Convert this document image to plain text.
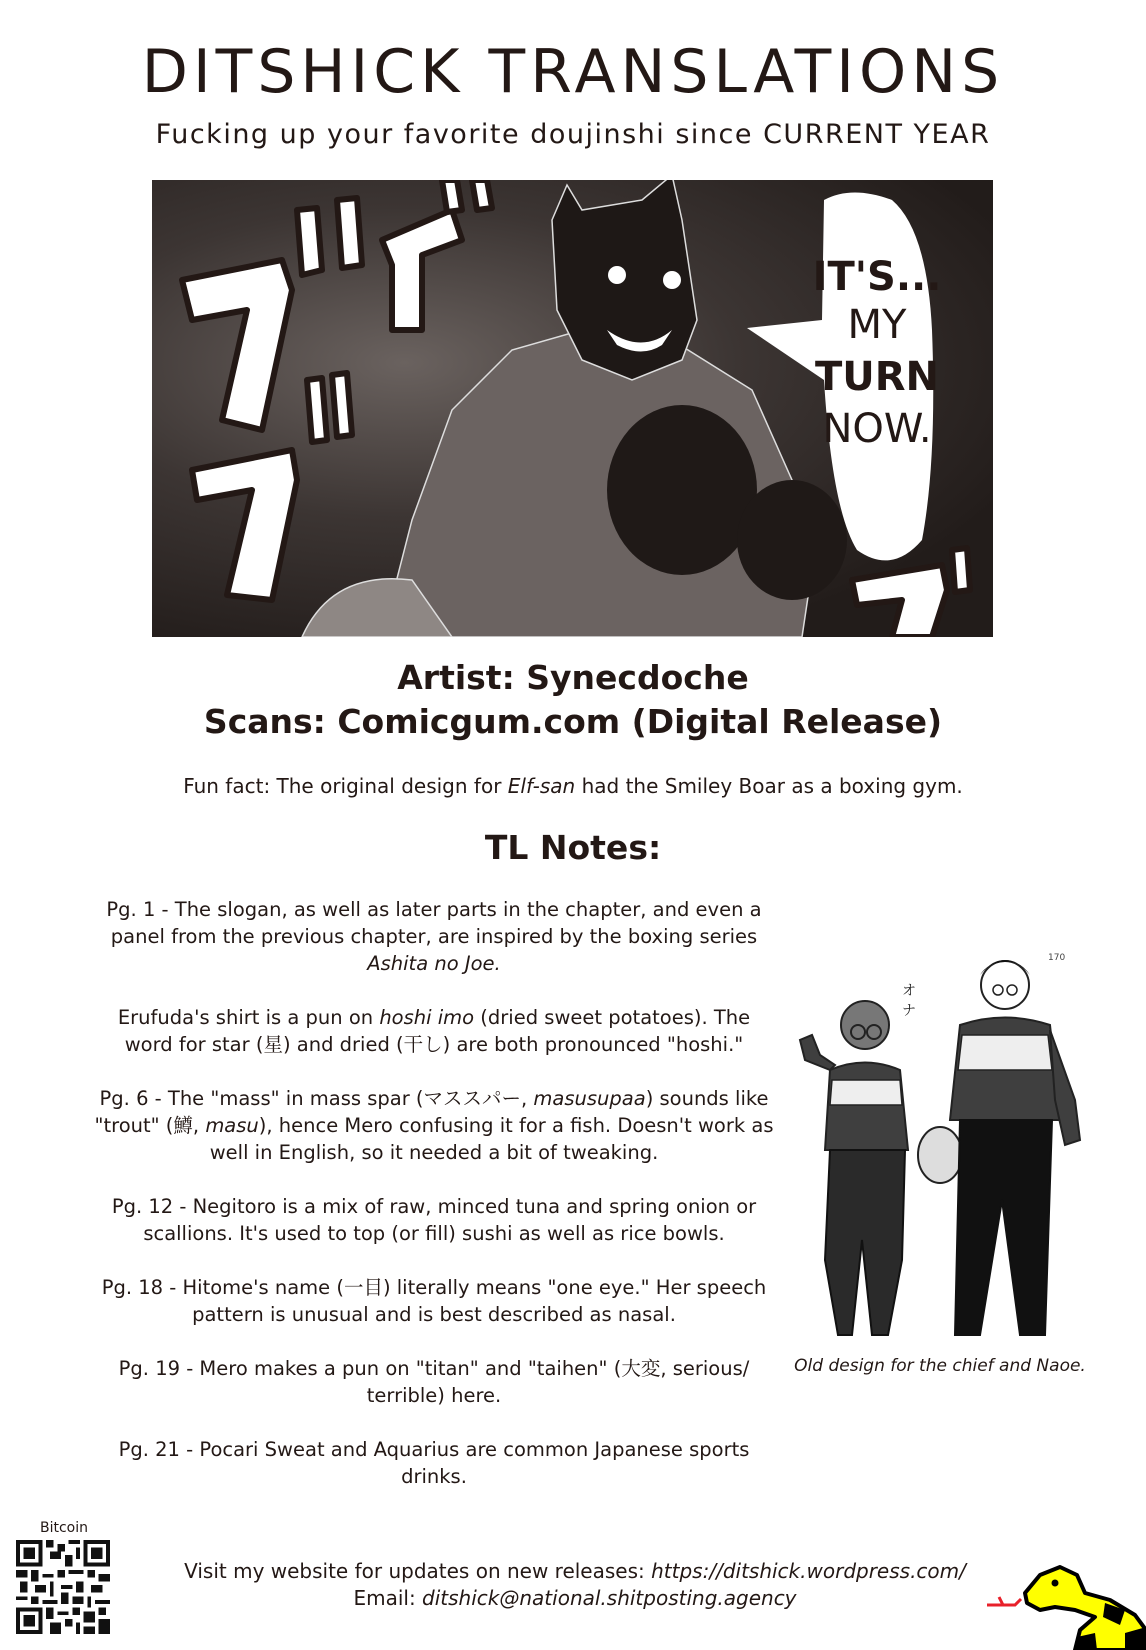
DITSHICK TRANSLATIONS
Fucking up your favorite doujinshi since CURRENT YEAR
IT'S...
MY
TURN
NOW.
Artist: Synecdoche
Scans: Comicgum.com (Digital Release)
Fun fact: The original design for Elf-san had the Smiley Boar as a boxing gym.
TL Notes:

Pg. 1 - The slogan, as well as later parts in the chapter, and even a panel from the previous chapter, are inspired by the boxing series Ashita no Joe.

Erufuda's shirt is a pun on hoshi imo (dried sweet potatoes). The word for star (星) and dried (干し) are both pronounced "hoshi."

Pg. 6 - The "mass" in mass spar (マススパー, masusupaa) sounds like "trout" (鱒, masu), hence Mero confusing it for a fish. Doesn't work as well in English, so it needed a bit of tweaking.

Pg. 12 - Negitoro is a mix of raw, minced tuna and spring onion or scallions. It's used to top (or fill) sushi as well as rice bowls.

Pg. 18 - Hitome's name (一目) literally means "one eye." Her speech pattern is unusual and is best described as nasal.

Pg. 19 - Mero makes a pun on "titan" and "taihen" (大変, serious/ terrible) here.

Pg. 21 - Pocari Sweat and Aquarius are common Japanese sports drinks.

オ
ナ
170
Old design for the chief and Naoe.
Bitcoin
Visit my website for updates on new releases: https://ditshick.wordpress.com/
Email: ditshick@national.shitposting.agency
